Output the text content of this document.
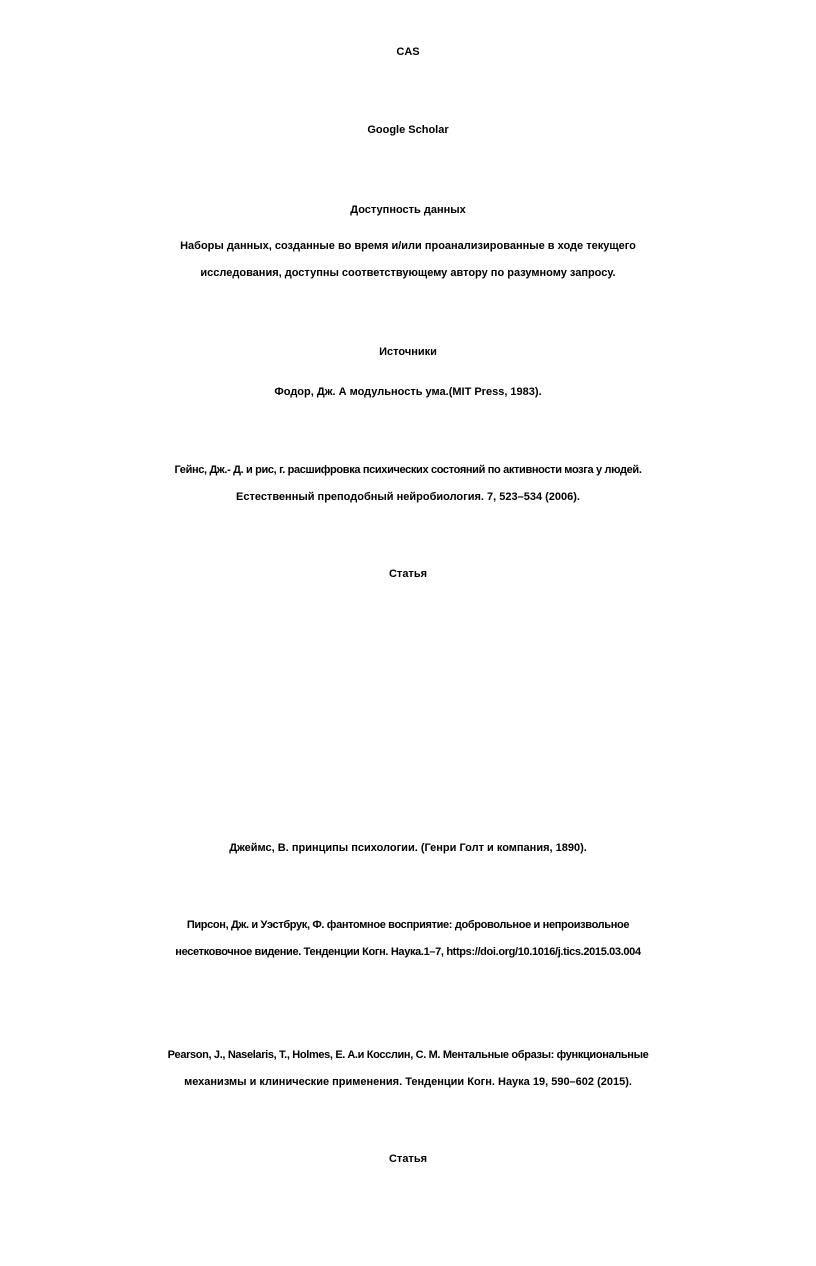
CAS
Google Scholar
Доступность данных
Наборы данных, созданные во время и/или проанализированные в ходе текущего
исследования, доступны соответствующему автору по разумному запросу.
Источники
Фодор, Дж. А модульность ума.(MIT Press, 1983).
Гейнс, Дж.- Д. и рис, г. расшифровка психических состояний по активности мозга у людей.
Естественный преподобный нейробиология. 7, 523–534 (2006).
Статья
Джеймс, В. принципы психологии. (Генри Голт и компания, 1890).
Пирсон, Дж. и Уэстбрук, Ф. фантомное восприятие: добровольное и непроизвольное
несетковочное видение. Тенденции Когн. Наука.1–7, https://doi.org/10.1016/j.tics.2015.03.004
Pearson, J., Naselaris, T., Holmes, E. A.и Косслин, С. М. Ментальные образы: функциональные
механизмы и клинические применения. Тенденции Когн. Наука 19, 590–602 (2015).
Статья
